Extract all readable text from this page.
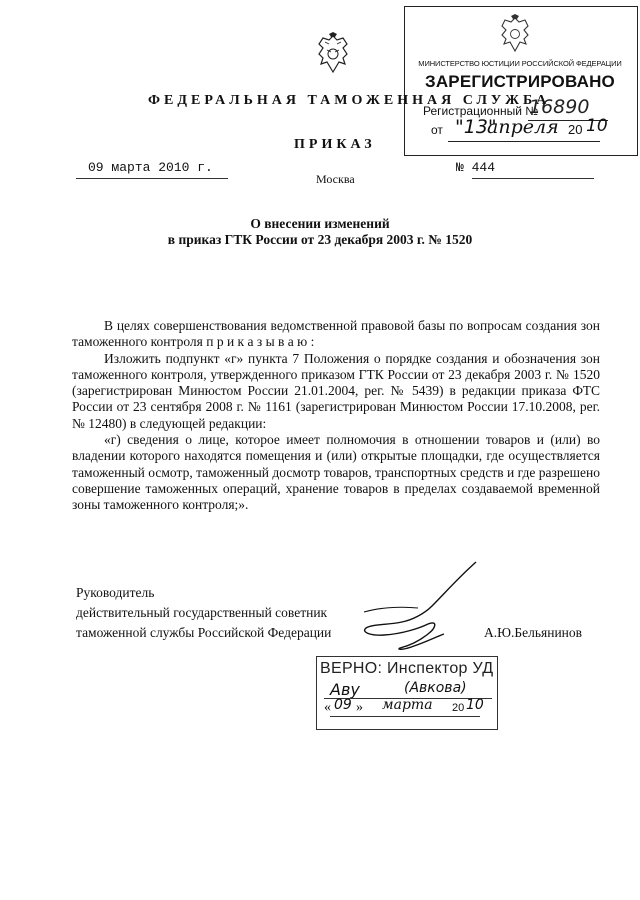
МИНИСТЕРСТВО ЮСТИЦИИ РОССИЙСКОЙ ФЕДЕРАЦИИ
ЗАРЕГИСТРИРОВАНО
Регистрационный №
16890
от "13"
апреля 20 10
ФЕДЕРАЛЬНАЯ ТАМОЖЕННАЯ СЛУЖБА
ПРИКАЗ
09 марта 2010 г.	№ 444
Москва
О внесении изменений
в приказ ГТК России от 23 декабря 2003 г. № 1520

В целях совершенствования ведомственной правовой базы по вопросам создания зон таможенного контроля п р и к а з ы в а ю :

Изложить подпункт «г» пункта 7 Положения о порядке создания и обозначения зон таможенного контроля, утвержденного приказом ГТК России от 23 декабря 2003 г. № 1520 (зарегистрирован Минюстом России 21.01.2004, рег. № 5439) в редакции приказа ФТС России от 23 сентября 2008 г. № 1161 (зарегистрирован Минюстом России 17.10.2008, рег. № 12480) в следующей редакции:

«г) сведения о лице, которое имеет полномочия в отношении товаров и (или) во владении которого находятся помещения и (или) открытые площадки, где осуществляется таможенный осмотр, таможенный досмотр товаров, транспортных средств и где разрешено совершение таможенных операций, хранение товаров в пределах создаваемой временной зоны таможенного контроля;».

Руководитель
действительный государственный советник
таможенной службы Российской Федерации	А.Ю.Бельянинов
ВЕРНО: Инспектор УД
Аву	(Авкова)
« 09 » марта 20 10
